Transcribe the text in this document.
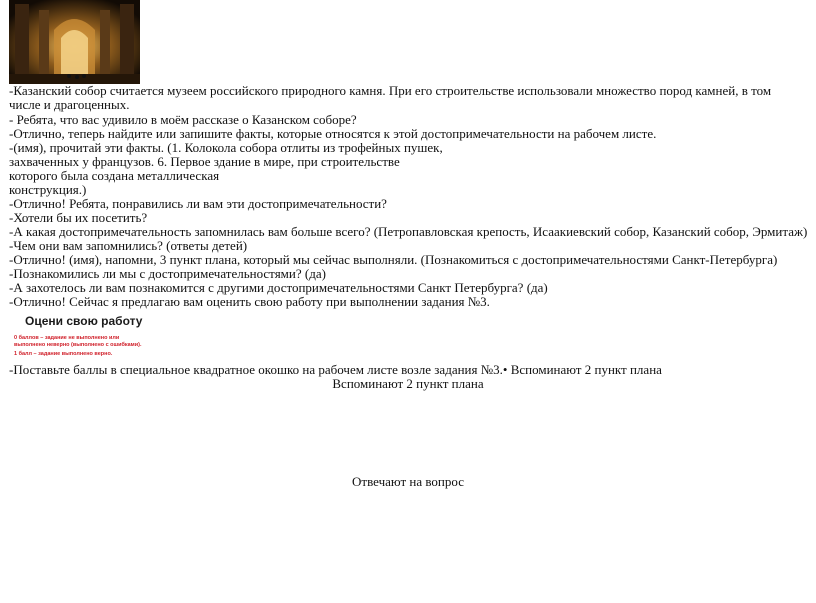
-Казанский собор считается музеем российского природного камня. При его строительстве использовали множество пород камней, в том числе и драгоценных.
- Ребята, что вас удивило в моём рассказе о Казанском соборе?
-Отлично, теперь найдите или запишите факты, которые относятся к этой достопримечательности на рабочем листе.
-(имя), прочитай эти факты. (1. Колокола собора отлиты из трофейных пушек,
захваченных у французов. 6. Первое здание в мире, при строительстве
которого была создана металлическая
конструкция.)
-Отлично! Ребята, понравились ли вам эти достопримечательности?
-Хотели бы их посетить?
-А какая достопримечательность запомнилась вам больше всего? (Петропавловская крепость, Исаакиевский собор, Казанский собор, Эрмитаж)
-Чем они вам запомнились? (ответы детей)
-Отлично! (имя), напомни, 3 пункт плана, который мы сейчас выполняли. (Познакомиться с достопримечательностями Санкт-Петербурга)
-Познакомились ли мы с достопримечательностями? (да)
-А захотелось ли вам познакомится с другими достопримечательностями Санкт Петербурга? (да)
-Отлично! Сейчас я предлагаю вам оценить свою работу при выполнении задания №3.
Оцени свою работу
0 баллов – задание не выполнено или
выполнено неверно (выполнено с ошибками).
1 балл – задание выполнено верно.
-Поставьте баллы в специальное квадратное окошко на рабочем листе возле задания №3.• Вспоминают 2 пункт плана
Вспоминают 2 пункт плана
Отвечают на вопрос
